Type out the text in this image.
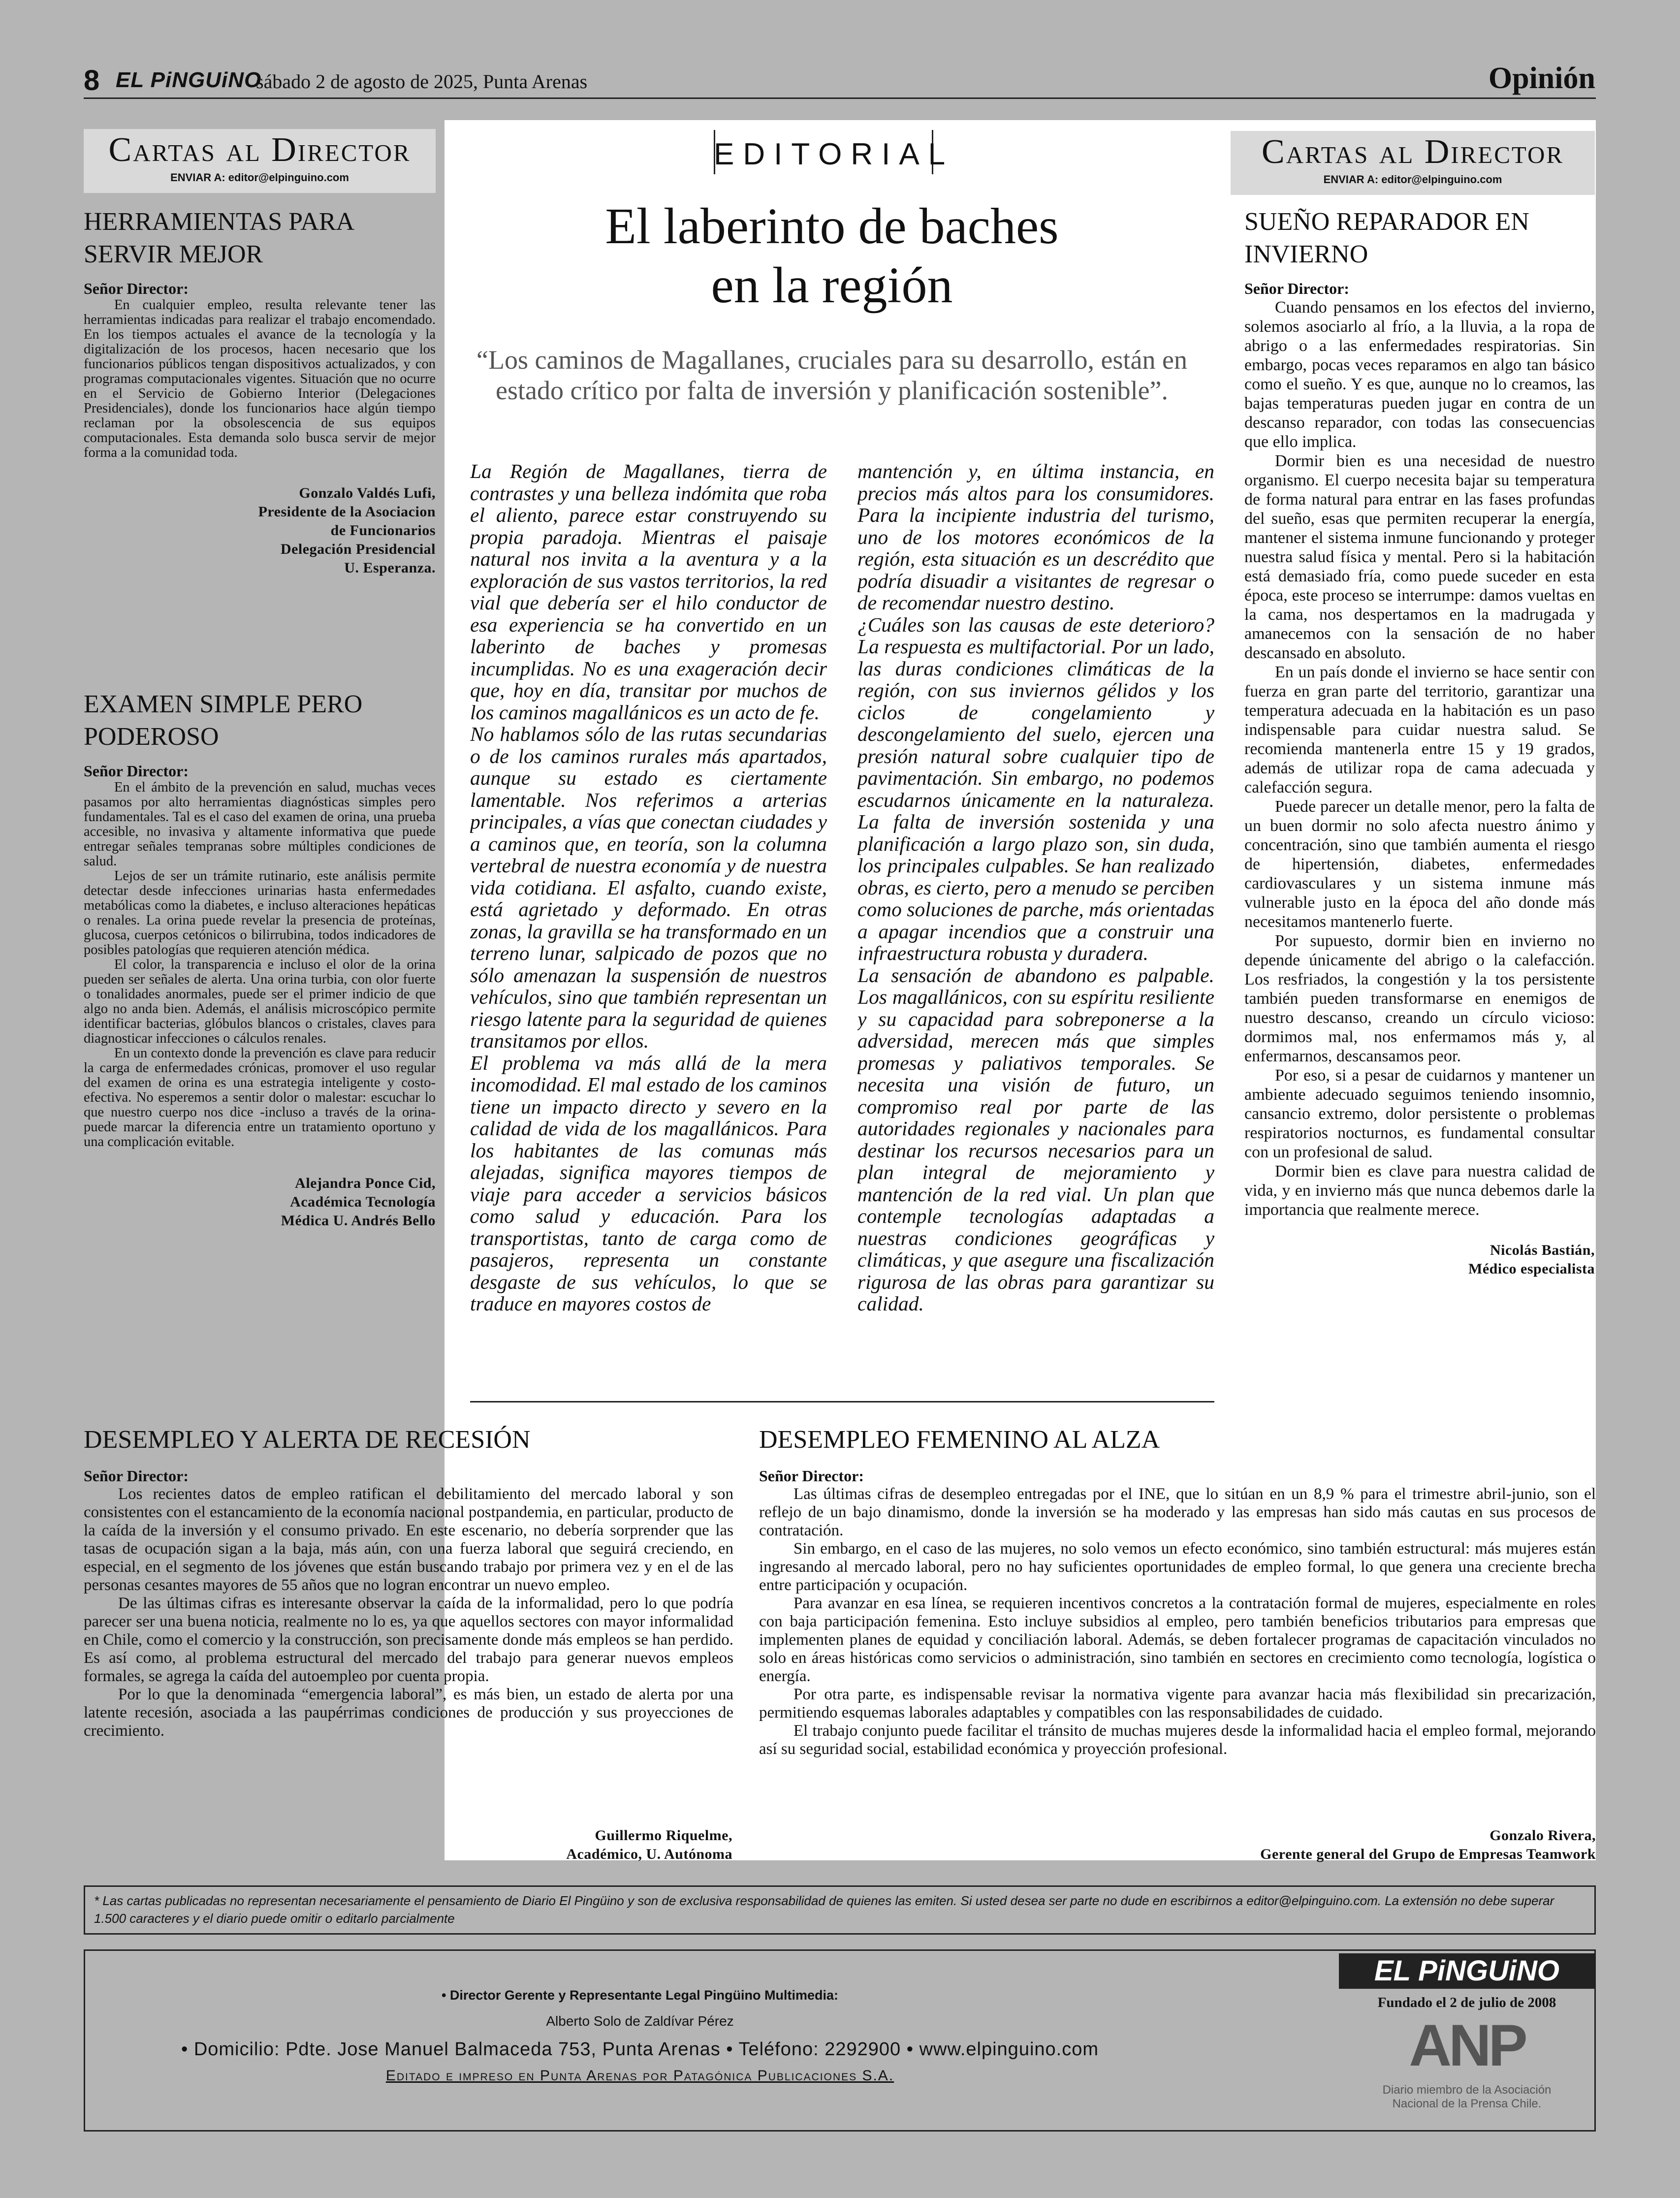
8 EL PiNGUiNO
sábado 2 de agosto de 2025, Punta Arenas	Opinión
Cartas al Director
ENVIAR A: editor@elpinguino.com
HERRAMIENTAS PARA SERVIR MEJOR
Señor Director:

En cualquier empleo, resulta relevante tener las herramientas indicadas para realizar el trabajo encomendado. En los tiempos actuales el avance de la tecnología y la digitalización de los procesos, hacen necesario que los funcionarios públicos tengan dispositivos actualizados, y con programas computacionales vigentes. Situación que no ocurre en el Servicio de Gobierno Interior (Delegaciones Presidenciales), donde los funcionarios hace algún tiempo reclaman por la obsolescencia de sus equipos computacionales. Esta demanda solo busca servir de mejor forma a la comunidad toda.

Gonzalo Valdés Lufi,
Presidente de la Asociacion
de Funcionarios
Delegación Presidencial
U. Esperanza.
EXAMEN SIMPLE PERO PODEROSO
Señor Director:

En el ámbito de la prevención en salud, muchas veces pasamos por alto herramientas diagnósticas simples pero fundamentales. Tal es el caso del examen de orina, una prueba accesible, no invasiva y altamente informativa que puede entregar señales tempranas sobre múltiples condiciones de salud.

Lejos de ser un trámite rutinario, este análisis permite detectar desde infecciones urinarias hasta enfermedades metabólicas como la diabetes, e incluso alteraciones hepáticas o renales. La orina puede revelar la presencia de proteínas, glucosa, cuerpos cetónicos o bilirrubina, todos indicadores de posibles patologías que requieren atención médica.

El color, la transparencia e incluso el olor de la orina pueden ser señales de alerta. Una orina turbia, con olor fuerte o tonalidades anormales, puede ser el primer indicio de que algo no anda bien. Además, el análisis microscópico permite identificar bacterias, glóbulos blancos o cristales, claves para diagnosticar infecciones o cálculos renales.

En un contexto donde la prevención es clave para reducir la carga de enfermedades crónicas, promover el uso regular del examen de orina es una estrategia inteligente y costo-efectiva. No esperemos a sentir dolor o malestar: escuchar lo que nuestro cuerpo nos dice -incluso a través de la orina- puede marcar la diferencia entre un tratamiento oportuno y una complicación evitable.

Alejandra Ponce Cid,
Académica Tecnología
Médica U. Andrés Bello
EDITORIAL
El laberinto de baches
en la región
“Los caminos de Magallanes, cruciales para su desarrollo, están en estado crítico por falta de inversión y planificación sostenible”.

La Región de Magallanes, tierra de contrastes y una belleza indómita que roba el aliento, parece estar construyendo su propia paradoja. Mientras el paisaje natural nos invita a la aventura y a la exploración de sus vastos territorios, la red vial que debería ser el hilo conductor de esa experiencia se ha convertido en un laberinto de baches y promesas incumplidas. No es una exageración decir que, hoy en día, transitar por muchos de los caminos magallánicos es un acto de fe.

No hablamos sólo de las rutas secundarias o de los caminos rurales más apartados, aunque su estado es ciertamente lamentable. Nos referimos a arterias principales, a vías que conectan ciudades y a caminos que, en teoría, son la columna vertebral de nuestra economía y de nuestra vida cotidiana. El asfalto, cuando existe, está agrietado y deformado. En otras zonas, la gravilla se ha transformado en un terreno lunar, salpicado de pozos que no sólo amenazan la suspensión de nuestros vehículos, sino que también representan un riesgo latente para la seguridad de quienes transitamos por ellos.

El problema va más allá de la mera incomodidad. El mal estado de los caminos tiene un impacto directo y severo en la calidad de vida de los magallánicos. Para los habitantes de las comunas más alejadas, significa mayores tiempos de viaje para acceder a servicios básicos como salud y educación. Para los transportistas, tanto de carga como de pasajeros, representa un constante desgaste de sus vehículos, lo que se traduce en mayores costos de

mantención y, en última instancia, en precios más altos para los consumidores. Para la incipiente industria del turismo, uno de los motores económicos de la región, esta situación es un descrédito que podría disuadir a visitantes de regresar o de recomendar nuestro destino.

¿Cuáles son las causas de este deterioro? La respuesta es multifactorial. Por un lado, las duras condiciones climáticas de la región, con sus inviernos gélidos y los ciclos de congelamiento y descongelamiento del suelo, ejercen una presión natural sobre cualquier tipo de pavimentación. Sin embargo, no podemos escudarnos únicamente en la naturaleza. La falta de inversión sostenida y una planificación a largo plazo son, sin duda, los principales culpables. Se han realizado obras, es cierto, pero a menudo se perciben como soluciones de parche, más orientadas a apagar incendios que a construir una infraestructura robusta y duradera.

La sensación de abandono es palpable. Los magallánicos, con su espíritu resiliente y su capacidad para sobreponerse a la adversidad, merecen más que simples promesas y paliativos temporales. Se necesita una visión de futuro, un compromiso real por parte de las autoridades regionales y nacionales para destinar los recursos necesarios para un plan integral de mejoramiento y mantención de la red vial. Un plan que contemple tecnologías adaptadas a nuestras condiciones geográficas y climáticas, y que asegure una fiscalización rigurosa de las obras para garantizar su calidad.

Cartas al Director
ENVIAR A: editor@elpinguino.com
SUEÑO REPARADOR EN INVIERNO
Señor Director:

Cuando pensamos en los efectos del invierno, solemos asociarlo al frío, a la lluvia, a la ropa de abrigo o a las enfermedades respiratorias. Sin embargo, pocas veces reparamos en algo tan básico como el sueño. Y es que, aunque no lo creamos, las bajas temperaturas pueden jugar en contra de un descanso reparador, con todas las consecuencias que ello implica.

Dormir bien es una necesidad de nuestro organismo. El cuerpo necesita bajar su temperatura de forma natural para entrar en las fases profundas del sueño, esas que permiten recuperar la energía, mantener el sistema inmune funcionando y proteger nuestra salud física y mental. Pero si la habitación está demasiado fría, como puede suceder en esta época, este proceso se interrumpe: damos vueltas en la cama, nos despertamos en la madrugada y amanecemos con la sensación de no haber descansado en absoluto.

En un país donde el invierno se hace sentir con fuerza en gran parte del territorio, garantizar una temperatura adecuada en la habitación es un paso indispensable para cuidar nuestra salud. Se recomienda mantenerla entre 15 y 19 grados, además de utilizar ropa de cama adecuada y calefacción segura.

Puede parecer un detalle menor, pero la falta de un buen dormir no solo afecta nuestro ánimo y concentración, sino que también aumenta el riesgo de hipertensión, diabetes, enfermedades cardiovasculares y un sistema inmune más vulnerable justo en la época del año donde más necesitamos mantenerlo fuerte.

Por supuesto, dormir bien en invierno no depende únicamente del abrigo o la calefacción. Los resfriados, la congestión y la tos persistente también pueden transformarse en enemigos de nuestro descanso, creando un círculo vicioso: dormimos mal, nos enfermamos más y, al enfermarnos, descansamos peor.

Por eso, si a pesar de cuidarnos y mantener un ambiente adecuado seguimos teniendo insomnio, cansancio extremo, dolor persistente o problemas respiratorios nocturnos, es fundamental consultar con un profesional de salud.

Dormir bien es clave para nuestra calidad de vida, y en invierno más que nunca debemos darle la importancia que realmente merece.

Nicolás Bastián,
Médico especialista
DESEMPLEO Y ALERTA DE RECESIÓN
Señor Director:

Los recientes datos de empleo ratifican el debilitamiento del mercado laboral y son consistentes con el estancamiento de la economía nacional postpandemia, en particular, producto de la caída de la inversión y el consumo privado. En este escenario, no debería sorprender que las tasas de ocupación sigan a la baja, más aún, con una fuerza laboral que seguirá creciendo, en especial, en el segmento de los jóvenes que están buscando trabajo por primera vez y en el de las personas cesantes mayores de 55 años que no logran encontrar un nuevo empleo.

De las últimas cifras es interesante observar la caída de la informalidad, pero lo que podría parecer ser una buena noticia, realmente no lo es, ya que aquellos sectores con mayor informalidad en Chile, como el comercio y la construcción, son precisamente donde más empleos se han perdido. Es así como, al problema estructural del mercado del trabajo para generar nuevos empleos formales, se agrega la caída del autoempleo por cuenta propia.

Por lo que la denominada “emergencia laboral”, es más bien, un estado de alerta por una latente recesión, asociada a las paupérrimas condiciones de producción y sus proyecciones de crecimiento.

Guillermo Riquelme,
Académico, U. Autónoma
DESEMPLEO FEMENINO AL ALZA
Señor Director:

Las últimas cifras de desempleo entregadas por el INE, que lo sitúan en un 8,9 % para el trimestre abril-junio, son el reflejo de un bajo dinamismo, donde la inversión se ha moderado y las empresas han sido más cautas en sus procesos de contratación.

Sin embargo, en el caso de las mujeres, no solo vemos un efecto económico, sino también estructural: más mujeres están ingresando al mercado laboral, pero no hay suficientes oportunidades de empleo formal, lo que genera una creciente brecha entre participación y ocupación.

Para avanzar en esa línea, se requieren incentivos concretos a la contratación formal de mujeres, especialmente en roles con baja participación femenina. Esto incluye subsidios al empleo, pero también beneficios tributarios para empresas que implementen planes de equidad y conciliación laboral. Además, se deben fortalecer programas de capacitación vinculados no solo en áreas históricas como servicios o administración, sino también en sectores en crecimiento como tecnología, logística o energía.

Por otra parte, es indispensable revisar la normativa vigente para avanzar hacia más flexibilidad sin precarización, permitiendo esquemas laborales adaptables y compatibles con las responsabilidades de cuidado.

El trabajo conjunto puede facilitar el tránsito de muchas mujeres desde la informalidad hacia el empleo formal, mejorando así su seguridad social, estabilidad económica y proyección profesional.

Gonzalo Rivera,
Gerente general del Grupo de Empresas Teamwork
* Las cartas publicadas no representan necesariamente el pensamiento de Diario El Pingüino y son de exclusiva responsabilidad de quienes las emiten. Si usted desea ser parte no dude en escribirnos a editor@elpinguino.com. La extensión no debe superar 1.500 caracteres y el diario puede omitir o editarlo parcialmente
• Director Gerente y Representante Legal Pingüino Multimedia:
Alberto Solo de Zaldívar Pérez
• Domicilio: Pdte. Jose Manuel Balmaceda 753, Punta Arenas • Teléfono: 2292900 • www.elpinguino.com
Editado e impreso en Punta Arenas por Patagónica Publicaciones S.A.
EL PiNGUiNO
Fundado el 2 de julio de 2008
ANP
Diario miembro de la Asociación
Nacional de la Prensa Chile.
